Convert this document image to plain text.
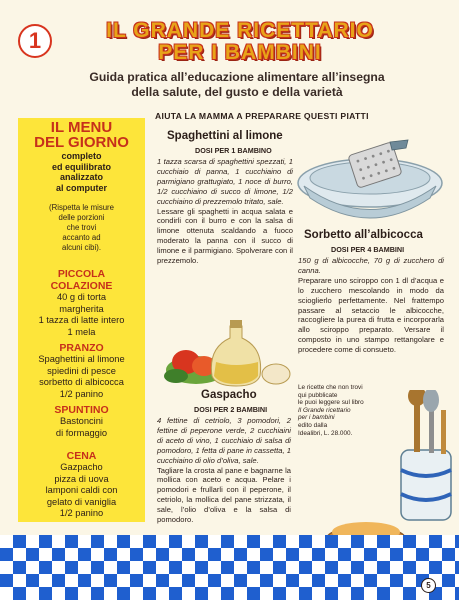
1	IL GRANDE RICETTARIO
PER I BAMBINI
Guida pratica all’educazione alimentare all’insegna
della salute, del gusto e della varietà
IL MENU
DEL GIORNO
completo
ed equilibrato
analizzato
al computer
(Rispetta le misure
delle porzioni
che trovi
accanto ad
alcuni cibi).
PICCOLA
COLAZIONE
40 g di torta
margherita
1 tazza di latte intero
1 mela
PRANZO
Spaghettini al limone
spiedini di pesce
sorbetto di albicocca
1/2 panino
SPUNTINO
Bastoncini
di formaggio
CENA
Gazpacho
pizza di uova
lamponi caldi con
gelato di vaniglia
1/2 panino
AIUTA LA MAMMA A PREPARARE QUESTI PIATTI
Spaghettini al limone
DOSI PER 1 BAMBINO
1 tazza scarsa di spaghettini spezzati, 1 cucchiaio di panna, 1 cucchiaino di parmigiano grattugiato, 1 noce di burro, 1/2 cucchiaino di succo di limone, 1/2 cucchiaino di prezzemolo tritato, sale.
Lessare gli spaghetti in acqua salata e condirli con il burro e con la salsa di limone ottenuta scaldando a fuoco moderato la panna con il succo di limone e il parmigiano. Spolverare con il prezzemolo.
Sorbetto all’albicocca
DOSI PER 4 BAMBINI
150 g di albicocche, 70 g di zucchero di canna.
Preparare uno sciroppo con 1 dl d’acqua e lo zucchero mescolando in modo da scioglierlo perfettamente. Nel frattempo passare al setaccio le albicocche, raccogliere la purea di frutta e incorporarla allo sciroppo preparato. Versare il composto in uno stampo rettangolare e procedere come di consueto.
Gaspacho
DOSI PER 2 BAMBINI
4 fettine di cetriolo, 3 pomodori, 2 fettine di peperone verde, 2 cucchiaini di aceto di vino, 1 cucchiaio di salsa di pomodoro, 1 fetta di pane in cassetta, 1 cucchiaino di olio d’oliva, sale.
Tagliare la crosta al pane e bagnarne la mollica con aceto e acqua. Pelare i pomodori e frullarli con il peperone, il cetriolo, la mollica del pane strizzata, il sale, l’olio d’oliva e la salsa di pomodoro.
Le ricette che non trovi
qui pubblicate
le puoi leggere sul libro
Il Grande ricettario
per i bambini
edito dalla
Idealibri, L. 28.000.
5
